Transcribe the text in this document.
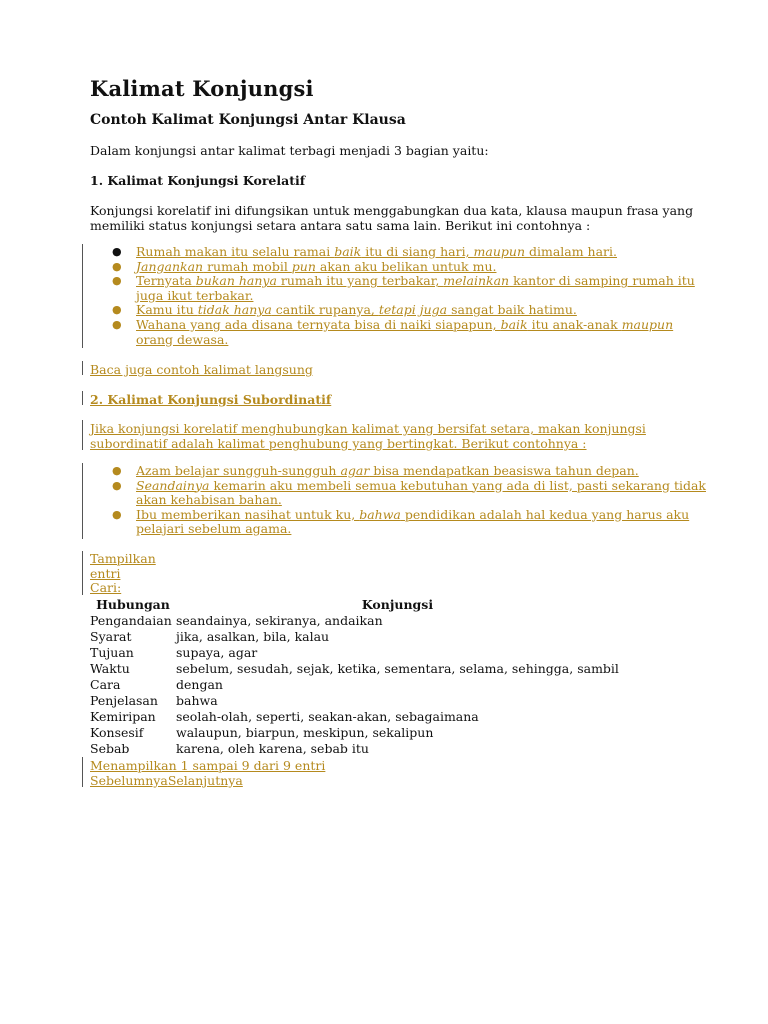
Kalimat Konjungsi
Contoh Kalimat Konjungsi Antar Klausa
Dalam konjungsi antar kalimat terbagi menjadi 3 bagian yaitu:
1. Kalimat Konjungsi Korelatif
Konjungsi korelatif ini difungsikan untuk menggabungkan dua kata, klausa maupun frasa yang
memiliki status konjungsi setara antara satu sama lain. Berikut ini contohnya :
● Rumah makan itu selalu ramai baik itu di siang hari, maupun dimalam hari.
● Jangankan rumah mobil pun akan aku belikan untuk mu.
● Ternyata bukan hanya rumah itu yang terbakar, melainkan kantor di samping rumah itu
juga ikut terbakar.
● Kamu itu tidak hanya cantik rupanya, tetapi juga sangat baik hatimu.
● Wahana yang ada disana ternyata bisa di naiki siapapun, baik itu anak-anak maupun
orang dewasa.
Baca juga contoh kalimat langsung
2. Kalimat Konjungsi Subordinatif
Jika konjungsi korelatif menghubungkan kalimat yang bersifat setara, makan konjungsi
subordinatif adalah kalimat penghubung yang bertingkat. Berikut contohnya :
● Azam belajar sungguh-sungguh agar bisa mendapatkan beasiswa tahun depan.
● Seandainya kemarin aku membeli semua kebutuhan yang ada di list, pasti sekarang tidak
akan kehabisan bahan.
● Ibu memberikan nasihat untuk ku, bahwa pendidikan adalah hal kedua yang harus aku
pelajari sebelum agama.
Tampilkan
entri
Cari:
Hubungan	Konjungsi
Pengandaian	seandainya, sekiranya, andaikan
Syarat	jika, asalkan, bila, kalau
Tujuan	supaya, agar
Waktu	sebelum, sesudah, sejak, ketika, sementara, selama, sehingga, sambil
Cara	dengan
Penjelasan	bahwa
Kemiripan	seolah-olah, seperti, seakan-akan, sebagaimana
Konsesif	walaupun, biarpun, meskipun, sekalipun
Sebab	karena, oleh karena, sebab itu
Menampilkan 1 sampai 9 dari 9 entri
SebelumnyaSelanjutnya
